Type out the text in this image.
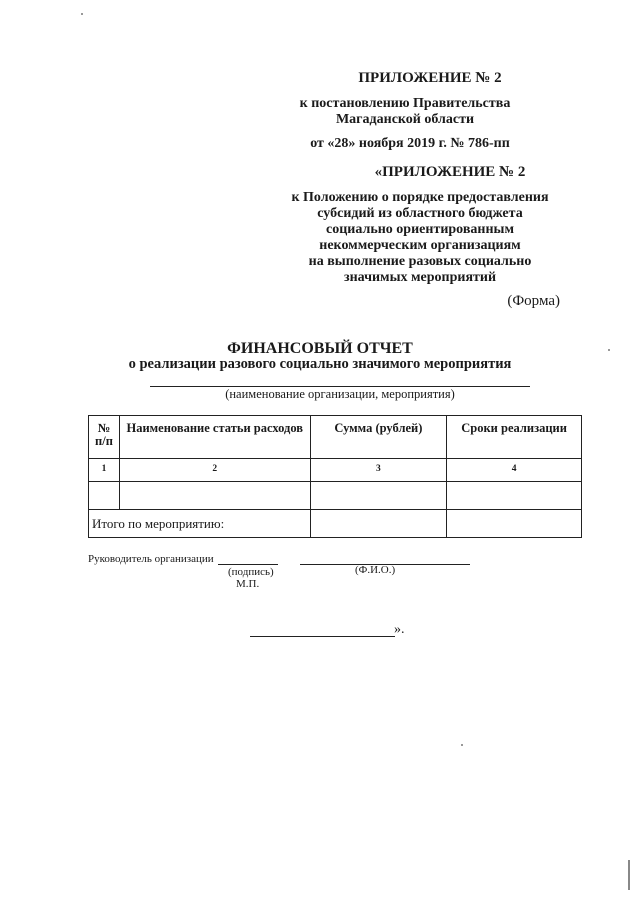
ПРИЛОЖЕНИЕ № 2
к постановлению Правительства
Магаданской области
от «28» ноября 2019 г. № 786-пп
«ПРИЛОЖЕНИЕ № 2
к Положению о порядке предоставления
субсидий из областного бюджета
социально ориентированным
некоммерческим организациям
на выполнение разовых социально
значимых мероприятий
(Форма)
ФИНАНСОВЫЙ ОТЧЕТ
о реализации разового социально значимого мероприятия
(наименование организации, мероприятия)
№ п/п	Наименование статьи расходов	Сумма (рублей)	Сроки реализации
1	2	3	4

Итого по мероприятию:			
Руководитель организации
(подпись)	(Ф.И.О.)
М.П.
».
